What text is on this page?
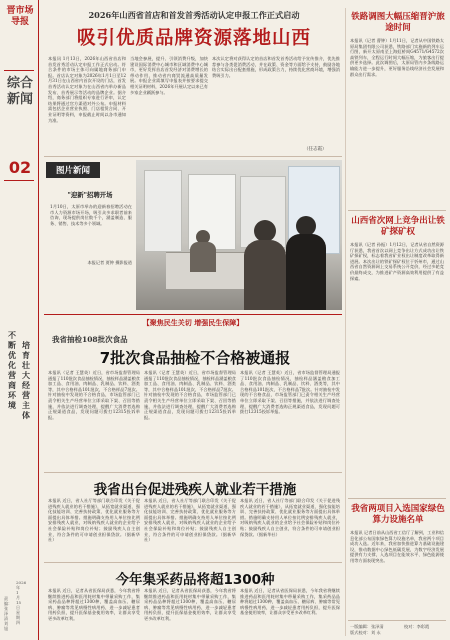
晋市场导报
综合新闻
02
不断优化营商环境
培育壮大经营主体
责编：张泽清 刘旭
2026年1月15日 星期四
2026年山西省首店和首发首秀活动认定申报工作正式启动
吸引优质品牌资源落地山西
本报讯 1月13日，2026年山西省首店和首发首秀活动认定申报工作正式启动。符合条件的市场主体可向属地商务部门申报。首店认定对象为2026年1月1日至12月31日在山西省内首次开设的门店，首发首秀活动认定对象为在山西省内举办新品发布、首秀展示等活动的品牌企业。据介绍，商务部门将组织专家进行评审，认定结果将通过官方渠道对外公布。申报材料需包括企业营业执照、门店租赁合同、开业证明等资料，申报截止时间以各市通知为准。
当地会参展，提升、引领消费升级，加快建设国际消费中心城市和区域消费中心城市，更好发挥首店首发经济对消费增长的带动作用，推动省内商贸流通高质量发展。申报企业需填写申报表并按要求提交相关证明材料，2026年开展认定以来已有多家企业踊跃参与。
本次认定将对获得认定的首店和首发首秀活动给予宣传推介，优先推荐参与各类促消费活动，并在政策、资金等方面给予支持，鼓励各地结合实际出台配套措施，形成政策合力，持续优化营商环境，增强消费吸引力。
（任志霞）
图片新闻
"迎新"招聘开场
1月10日，太原市举办的迎新春招聘活动在市人力资源市场开场，吸引众多求职者前来咨询，现场提供岗位数千个，涵盖制造、服务、销售、技术等多个领域。
本报记者 贾钟 摄影报道
【聚焦民生关切 增强民生保障】
我省抽检108批次食品
7批次食品抽检不合格被通报
本报讯（记者 王慧英）近日，省市场监督管理局通报了110批次食品抽检情况，抽检样品涵盖粮食加工品、食用油、肉制品、乳制品、饮料、酒类等，其中合格样品101批次，不合格样品7批次。针对抽检中发现的不合格食品，市场监管部门已责令相关生产经营单位立即采取下架、召回等措施，并依法进行调查处理，提醒广大消费者选购正规渠道食品，发现问题可拨打12315投诉举报。
本报讯（记者 王慧英）近日，省市场监督管理局通报了110批次食品抽检情况，抽检样品涵盖粮食加工品、食用油、肉制品、乳制品、饮料、酒类等，其中合格样品101批次，不合格样品7批次。针对抽检中发现的不合格食品，市场监管部门已责令相关生产经营单位立即采取下架、召回等措施，并依法进行调查处理，提醒广大消费者选购正规渠道食品，发现问题可拨打12315投诉举报。
本报讯（记者 王慧英）近日，省市场监督管理局通报了110批次食品抽检情况，抽检样品涵盖粮食加工品、食用油、肉制品、乳制品、饮料、酒类等，其中合格样品101批次，不合格样品7批次。针对抽检中发现的不合格食品，市场监管部门已责令相关生产经营单位立即采取下架、召回等措施，并依法进行调查处理，提醒广大消费者选购正规渠道食品，发现问题可拨打12315投诉举报。
我省出台促进残疾人就业若干措施
本报讯 近日，省人社厅等部门联合印发《关于促进残疾人就业的若干措施》，从拓宽就业渠道、强化技能培训、完善扶持政策、优化就业服务等方面提出具体举措。措施明确支持用人单位按比例安排残疾人就业，对吸纳残疾人就业的企业给予社会保险补贴和岗位补贴；鼓励残疾人自主创业，符合条件的可申请创业担保贷款。（据新华社）
本报讯 近日，省人社厅等部门联合印发《关于促进残疾人就业的若干措施》，从拓宽就业渠道、强化技能培训、完善扶持政策、优化就业服务等方面提出具体举措。措施明确支持用人单位按比例安排残疾人就业，对吸纳残疾人就业的企业给予社会保险补贴和岗位补贴；鼓励残疾人自主创业，符合条件的可申请创业担保贷款。（据新华社）
本报讯 近日，省人社厅等部门联合印发《关于促进残疾人就业的若干措施》，从拓宽就业渠道、强化技能培训、完善扶持政策、优化就业服务等方面提出具体举措。措施明确支持用人单位按比例安排残疾人就业，对吸纳残疾人就业的企业给予社会保险补贴和岗位补贴；鼓励残疾人自主创业，符合条件的可申请创业担保贷款。（据新华社）
今年集采药品将超1300种
本报讯 近日，记者从省医保局获悉，今年我省将继续推进药品和医用耗材集中带量采购工作，集采药品品种将超过1300种，覆盖高血压、糖尿病、肿瘤等常见病慢性病用药，进一步减轻患者用药负担，提升医保基金使用效率，让群众享受更多改革红利。
本报讯 近日，记者从省医保局获悉，今年我省将继续推进药品和医用耗材集中带量采购工作，集采药品品种将超过1300种，覆盖高血压、糖尿病、肿瘤等常见病慢性病用药，进一步减轻患者用药负担，提升医保基金使用效率，让群众享受更多改革红利。
本报讯 近日，记者从省医保局获悉，今年我省将继续推进药品和医用耗材集中带量采购工作，集采药品品种将超过1300种，覆盖高血压、糖尿病、肿瘤等常见病慢性病用药，进一步减轻患者用药负担，提升医保基金使用效率，让群众享受更多改革红利。
铁路调图大幅压缩晋沪旅途时间
本报讯（记者 曹钟）1月11日，记者从中国铁路太原局集团有限公司获悉，铁路部门实施新的列车运行图，新开太原南至上海虹桥间G4571/G4572次高铁列车，全程运行时间大幅压缩，为旅客出行提供更多选择。此次调图后，太原局管内多条线路运输能力进一步提升，更好服务沿线经济社会发展和群众出行需求。
山西省次网上竞争出让铁矿探矿权
本报讯（记者 孙振）1月12日，记者从省自然资源厅获悉，我省首次以网上竞争出让方式成功出让铁矿探矿权，标志着我省矿业权出让制度改革取得新进展。本次出让的铁矿探矿权位于忻州市，通过山西省自然资源网上交易系统公开竞价，经过多轮竞价最终成交，为推进矿产资源高效利用提供了有益探索。
我省两项目入选国家绿色算力设施名单
本报讯 记者日前从山西省工信厅了解到，工业和信息化部公布国家绿色算力设施名单，我省两个项目成功入选。近年来，我省加快推进算力基础设施建设，推动数据中心绿色低碳发展，为数字经济发展提供有力支撑，入选项目在能效水平、绿色能源使用等方面表现突出。
一版编辑：张泽清
版式校对：刘 永
校对：李彩霞
